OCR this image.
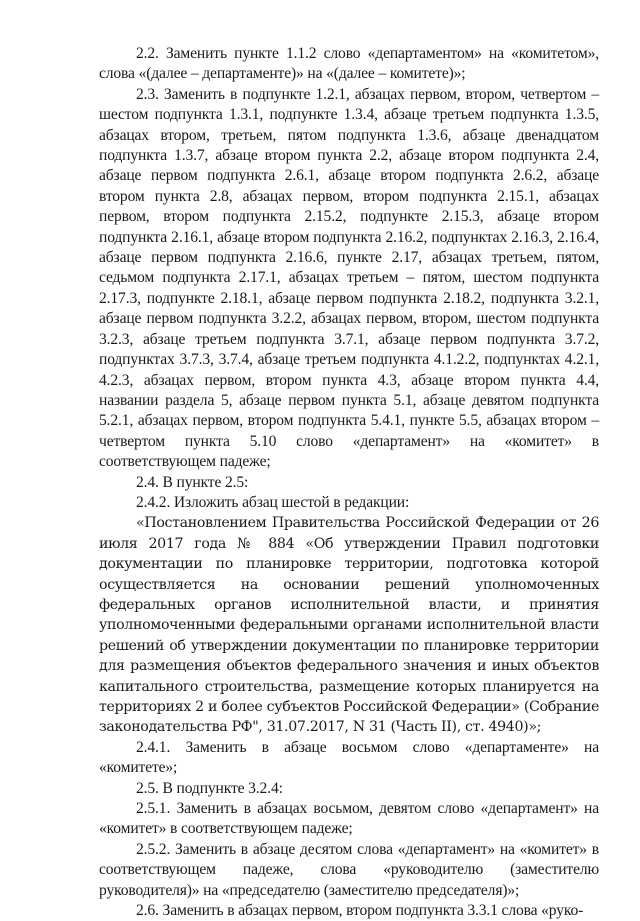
2.2. Заменить пункте 1.1.2 слово «департаментом» на «комитетом», слова «(далее – департаменте)» на «(далее – комитете)»;

2.3. Заменить в подпункте 1.2.1, абзацах первом, втором, четвертом – шестом подпункта 1.3.1, подпункте 1.3.4, абзаце третьем подпункта 1.3.5, абзацах втором, третьем, пятом подпункта 1.3.6, абзаце двенадцатом подпункта 1.3.7, абзаце втором пункта 2.2, абзаце втором подпункта 2.4, абзаце первом подпункта 2.6.1, абзаце втором подпункта 2.6.2, абзаце втором пункта 2.8, абзацах первом, втором подпункта 2.15.1, абзацах первом, втором подпункта 2.15.2, подпункте 2.15.3, абзаце втором подпункта 2.16.1, абзаце втором подпункта 2.16.2, подпунктах 2.16.3, 2.16.4, абзаце первом подпункта 2.16.6, пункте 2.17, абзацах третьем, пятом, седьмом подпункта 2.17.1, абзацах третьем – пятом, шестом подпункта 2.17.3, подпункте 2.18.1, абзаце первом подпункта 2.18.2, подпункта 3.2.1, абзаце первом подпункта 3.2.2, абзацах первом, втором, шестом подпункта 3.2.3, абзаце третьем подпункта 3.7.1, абзаце первом подпункта 3.7.2, подпунктах 3.7.3, 3.7.4, абзаце третьем подпункта 4.1.2.2, подпунктах 4.2.1, 4.2.3, абзацах первом, втором пункта 4.3, абзаце втором пункта 4.4, названии раздела 5, абзаце первом пункта 5.1, абзаце девятом подпункта 5.2.1, абзацах первом, втором подпункта 5.4.1, пункте 5.5, абзацах втором – четвертом пункта 5.10 слово «департамент» на «комитет» в соответствующем падеже;

2.4. В пункте 2.5:

2.4.2. Изложить абзац шестой в редакции:

«Постановлением Правительства Российской Федерации от 26 июля 2017 года № 884 «Об утверждении Правил подготовки документации по планировке территории, подготовка которой осуществляется на основании решений уполномоченных федеральных органов исполнительной власти, и принятия уполномоченными федеральными органами исполнительной власти решений об утверждении документации по планировке территории для размещения объектов федерального значения и иных объектов капитального строительства, размещение которых планируется на территориях 2 и более субъектов Российской Федерации» (Собрание законодательства РФ", 31.07.2017, N 31 (Часть II), ст. 4940)»;

2.4.1. Заменить в абзаце восьмом слово «департаменте» на «комитете»;

2.5. В подпункте 3.2.4:

2.5.1. Заменить в абзацах восьмом, девятом слово «департамент» на «комитет» в соответствующем падеже;

2.5.2. Заменить в абзаце десятом слова «департамент» на «комитет» в соответствующем падеже, слова «руководителю (заместителю руководителя)» на «председателю (заместителю председателя)»;

2.6. Заменить в абзацах первом, втором подпункта 3.3.1 слова «руко-
